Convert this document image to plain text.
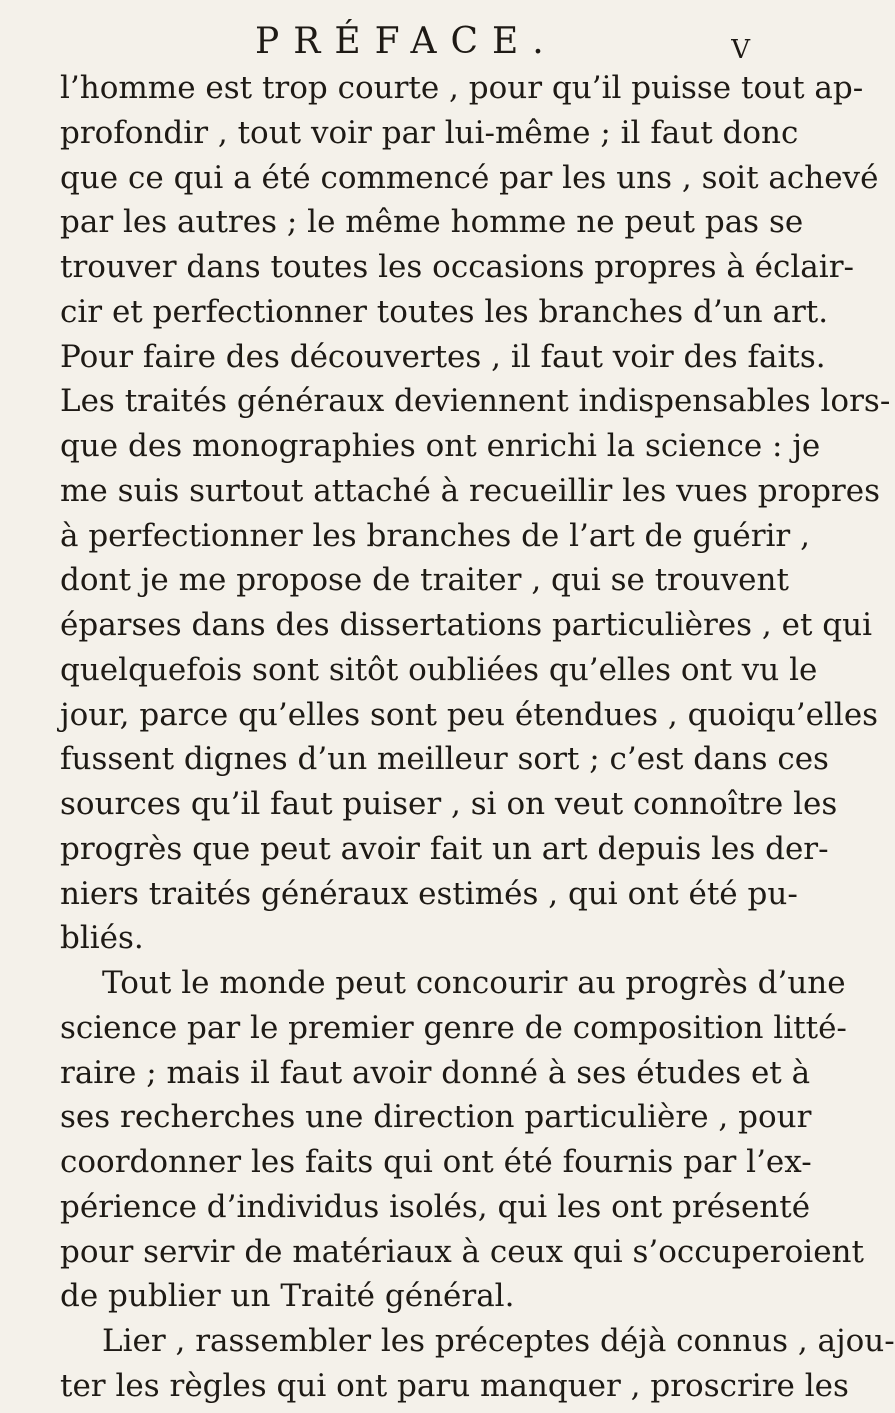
PRÉFACE.	V
l’homme est trop courte , pour qu’il puisse tout ap-
profondir , tout voir par lui-même ; il faut donc
que ce qui a été commencé par les uns , soit achevé
par les autres ; le même homme ne peut pas se
trouver dans toutes les occasions propres à éclair-
cir et perfectionner toutes les branches d’un art.
Pour faire des découvertes , il faut voir des faits.
Les traités généraux deviennent indispensables lors-
que des monographies ont enrichi la science : je
me suis surtout attaché à recueillir les vues propres
à perfectionner les branches de l’art de guérir ,
dont je me propose de traiter , qui se trouvent
éparses dans des dissertations particulières , et qui
quelquefois sont sitôt oubliées qu’elles ont vu le
jour, parce qu’elles sont peu étendues , quoiqu’elles
fussent dignes d’un meilleur sort ; c’est dans ces
sources qu’il faut puiser , si on veut connoître les
progrès que peut avoir fait un art depuis les der-
niers traités généraux estimés , qui ont été pu-
bliés.
Tout le monde peut concourir au progrès d’une
science par le premier genre de composition litté-
raire ; mais il faut avoir donné à ses études et à
ses recherches une direction particulière , pour
coordonner les faits qui ont été fournis par l’ex-
périence d’individus isolés, qui les ont présenté
pour servir de matériaux à ceux qui s’occuperoient
de publier un Traité général.
Lier , rassembler les préceptes déjà connus , ajou-
ter les règles qui ont paru manquer , proscrire les
